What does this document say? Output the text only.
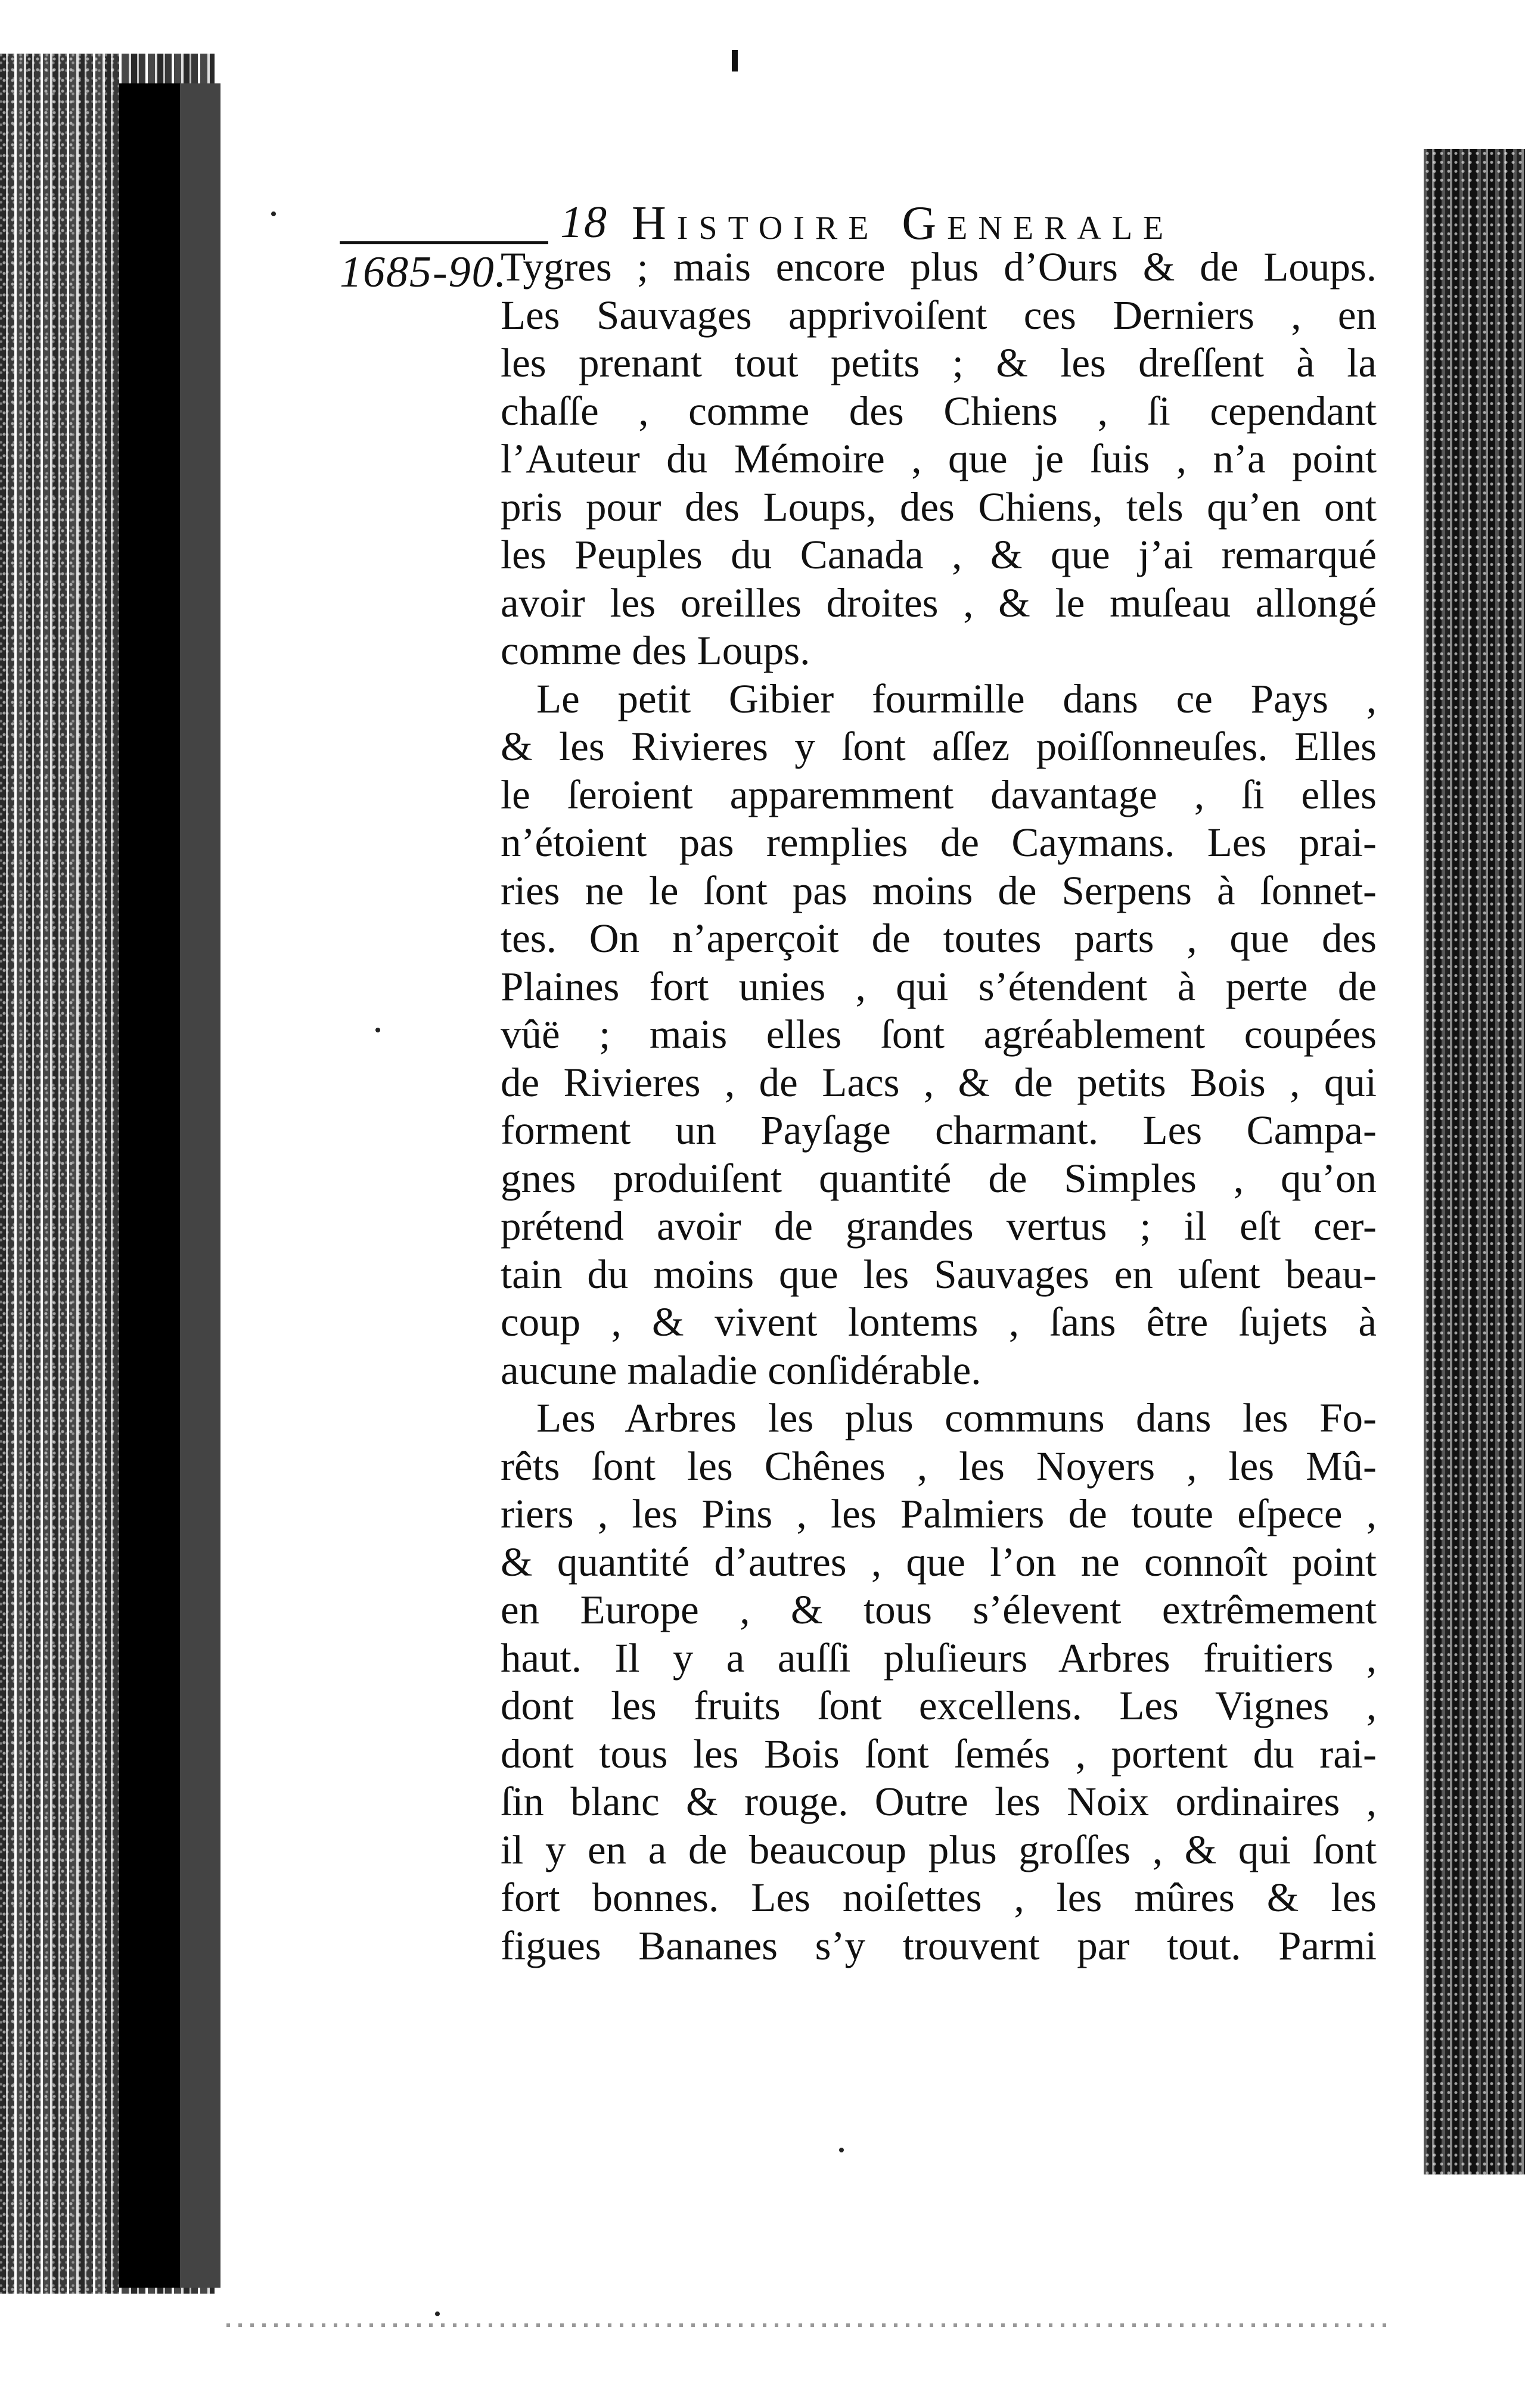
18 Histoire Generale
1685-90.

Tygres ; mais encore plus d’Ours & de Loups.
Les Sauvages apprivoiſent ces Derniers , en
les prenant tout petits ; & les dreſſent à la
chaſſe , comme des Chiens , ſi cependant
l’Auteur du Mémoire , que je ſuis , n’a point
pris pour des Loups, des Chiens, tels qu’en ont
les Peuples du Canada , & que j’ai remarqué
avoir les oreilles droites , & le muſeau allongé
comme des Loups.

Le petit Gibier fourmille dans ce Pays ,
& les Rivieres y ſont aſſez poiſſonneuſes. Elles
le ſeroient apparemment davantage , ſi elles
n’étoient pas remplies de Caymans. Les prai-
ries ne le ſont pas moins de Serpens à ſonnet-
tes. On n’aperçoit de toutes parts , que des
Plaines fort unies , qui s’étendent à perte de
vûë ; mais elles ſont agréablement coupées
de Rivieres , de Lacs , & de petits Bois , qui
forment un Payſage charmant. Les Campa-
gnes produiſent quantité de Simples , qu’on
prétend avoir de grandes vertus ; il eſt cer-
tain du moins que les Sauvages en uſent beau-
coup , & vivent lontems , ſans être ſujets à
aucune maladie conſidérable.

Les Arbres les plus communs dans les Fo-
rêts ſont les Chênes , les Noyers , les Mû-
riers , les Pins , les Palmiers de toute eſpece ,
& quantité d’autres , que l’on ne connoît point
en Europe , & tous s’élevent extrêmement
haut. Il y a auſſi pluſieurs Arbres fruitiers ,
dont les fruits ſont excellens. Les Vignes ,
dont tous les Bois ſont ſemés , portent du rai-
ſin blanc & rouge. Outre les Noix ordinaires ,
il y en a de beaucoup plus groſſes , & qui ſont
fort bonnes. Les noiſettes , les mûres & les
figues Bananes s’y trouvent par tout. Parmi
